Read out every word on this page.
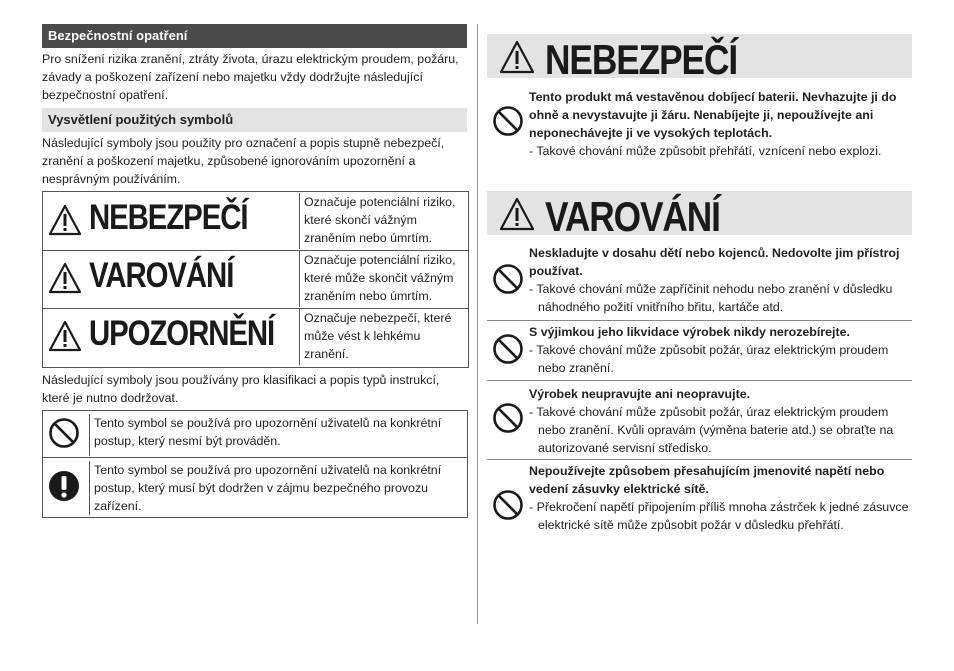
Bezpečnostní opatření
Pro snížení rizika zranění, ztráty života, úrazu elektrickým proudem, požáru, závady a poškození zařízení nebo majetku vždy dodržujte následující bezpečnostní opatření.
Vysvětlení použitých symbolů
Následující symboly jsou použity pro označení a popis stupně nebezpečí, zranění a poškození majetku, způsobené ignorováním upozornění a nesprávným používáním.
NEBEZPEČÍ	Označuje potenciální riziko, které skončí vážným zraněním nebo úmrtím.
VAROVÁNÍ	Označuje potenciální riziko, které může skončit vážným zraněním nebo úmrtím.
UPOZORNĚNÍ	Označuje nebezpečí, které může vést k lehkému zranění.
Následující symboly jsou používány pro klasifikaci a popis typů instrukcí, které je nutno dodržovat.
Tento symbol se používá pro upozornění uživatelů na konkrétní postup, který nesmí být prováděn.
Tento symbol se používá pro upozornění uživatelů na konkrétní postup, který musí být dodržen v zájmu bezpečného provozu zařízení.
NEBEZPEČÍ
Tento produkt má vestavěnou dobíjecí baterii. Nevhazujte ji do ohně a nevystavujte ji žáru. Nenabíjejte ji, nepoužívejte ani neponechávejte ji ve vysokých teplotách.
- Takové chování může způsobit přehřátí, vznícení nebo explozi.
VAROVÁNÍ
Neskladujte v dosahu dětí nebo kojenců. Nedovolte jim přístroj používat.
- Takové chování může zapříčinit nehodu nebo zranění v důsledku náhodného požití vnitřního břitu, kartáče atd.
S výjimkou jeho likvidace výrobek nikdy nerozebírejte.
- Takové chování může způsobit požár, úraz elektrickým proudem nebo zranění.
Výrobek neupravujte ani neopravujte.
- Takové chování může způsobit požár, úraz elektrickým proudem nebo zranění. Kvůli opravám (výměna baterie atd.) se obraťte na autorizované servisní středisko.
Nepoužívejte způsobem přesahujícím jmenovité napětí nebo vedení zásuvky elektrické sítě.
- Překročení napětí připojením příliš mnoha zástrček k jedné zásuvce elektrické sítě může způsobit požár v důsledku přehřátí.
